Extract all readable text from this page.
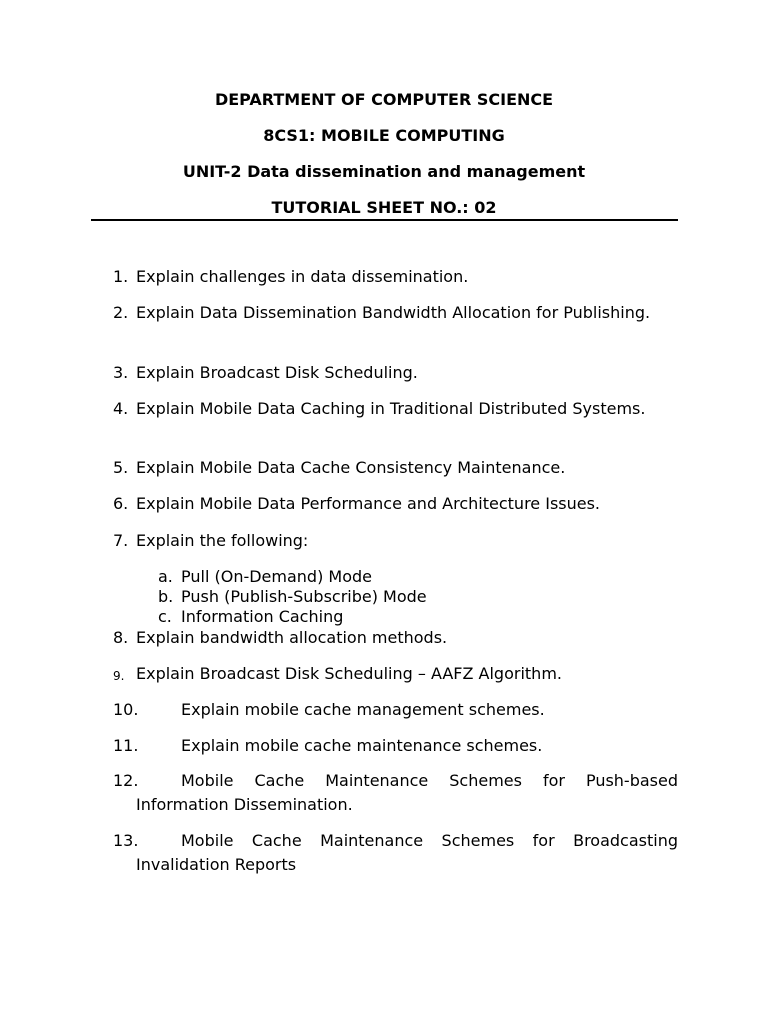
DEPARTMENT OF COMPUTER SCIENCE
8CS1: MOBILE COMPUTING
UNIT-2 Data dissemination and management
TUTORIAL SHEET NO.: 02
1. Explain challenges in data dissemination.
2. Explain Data Dissemination Bandwidth Allocation for Publishing.
3. Explain Broadcast Disk Scheduling.
4. Explain Mobile Data Caching in Traditional Distributed Systems.
5. Explain Mobile Data Cache Consistency Maintenance.
6. Explain Mobile Data Performance and Architecture Issues.
7. Explain the following:
a. Pull (On-Demand) Mode
b. Push (Publish-Subscribe) Mode
c. Information Caching
8. Explain bandwidth allocation methods.
9. Explain Broadcast Disk Scheduling – AAFZ Algorithm.
10.	Explain mobile cache management schemes.
11.	Explain mobile cache maintenance schemes.
12.	Mobile Cache Maintenance Schemes for Push-based Information Dissemination.
13.	Mobile Cache Maintenance Schemes for Broadcasting Invalidation Reports
